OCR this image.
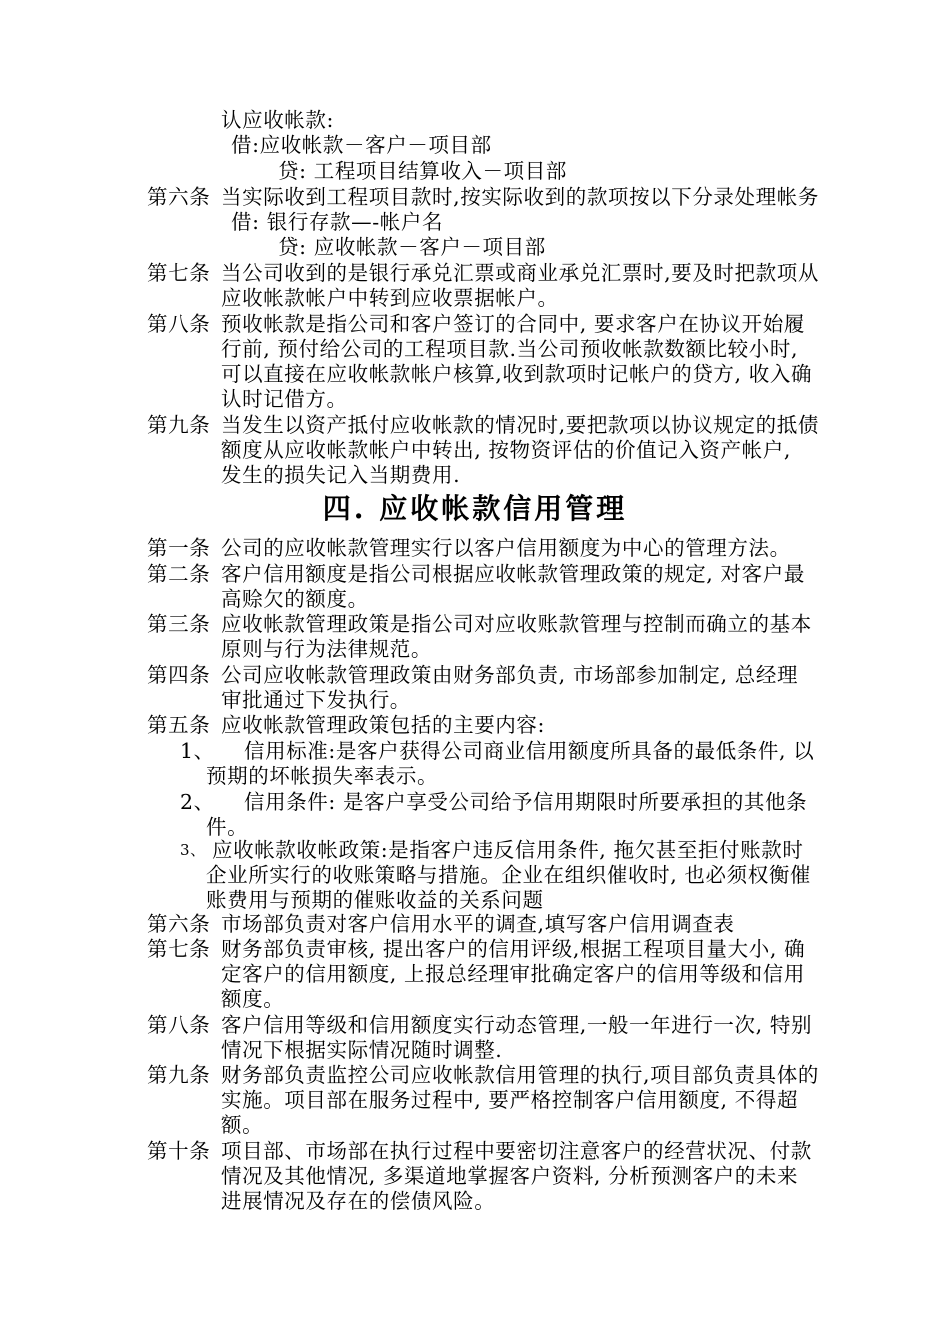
认应收帐款:
借:应收帐款－客户－项目部
贷: 工程项目结算收入－项目部
第六条 当实际收到工程项目款时,按实际收到的款项按以下分录处理帐务
借: 银行存款—-帐户名
贷: 应收帐款－客户－项目部
第七条 当公司收到的是银行承兑汇票或商业承兑汇票时,要及时把款项从
应收帐款帐户中转到应收票据帐户。
第八条 预收帐款是指公司和客户签订的合同中, 要求客户在协议开始履
行前, 预付给公司的工程项目款.当公司预收帐款数额比较小时,
可以直接在应收帐款帐户核算,收到款项时记帐户的贷方, 收入确
认时记借方。
第九条 当发生以资产抵付应收帐款的情况时,要把款项以协议规定的抵债
额度从应收帐款帐户中转出, 按物资评估的价值记入资产帐户,
发生的损失记入当期费用.
四. 应收帐款信用管理
第一条 公司的应收帐款管理实行以客户信用额度为中心的管理方法。
第二条 客户信用额度是指公司根据应收帐款管理政策的规定, 对客户最
高赊欠的额度。
第三条 应收帐款管理政策是指公司对应收账款管理与控制而确立的基本
原则与行为法律规范。
第四条 公司应收帐款管理政策由财务部负责, 市场部参加制定, 总经理
审批通过下发执行。
第五条 应收帐款管理政策包括的主要内容:
1、 信用标准:是客户获得公司商业信用额度所具备的最低条件, 以
预期的坏帐损失率表示。
2、 信用条件: 是客户享受公司给予信用期限时所要承担的其他条
件。
3、 应收帐款收帐政策:是指客户违反信用条件, 拖欠甚至拒付账款时
企业所实行的收账策略与措施。企业在组织催收时, 也必须权衡催
账费用与预期的催账收益的关系问题
第六条 市场部负责对客户信用水平的调查,填写客户信用调查表
第七条 财务部负责审核, 提出客户的信用评级,根据工程项目量大小, 确
定客户的信用额度, 上报总经理审批确定客户的信用等级和信用
额度。
第八条 客户信用等级和信用额度实行动态管理,一般一年进行一次, 特别
情况下根据实际情况随时调整.
第九条 财务部负责监控公司应收帐款信用管理的执行,项目部负责具体的
实施。项目部在服务过程中, 要严格控制客户信用额度, 不得超
额。
第十条 项目部、市场部在执行过程中要密切注意客户的经营状况、付款
情况及其他情况, 多渠道地掌握客户资料, 分析预测客户的未来
进展情况及存在的偿债风险。
